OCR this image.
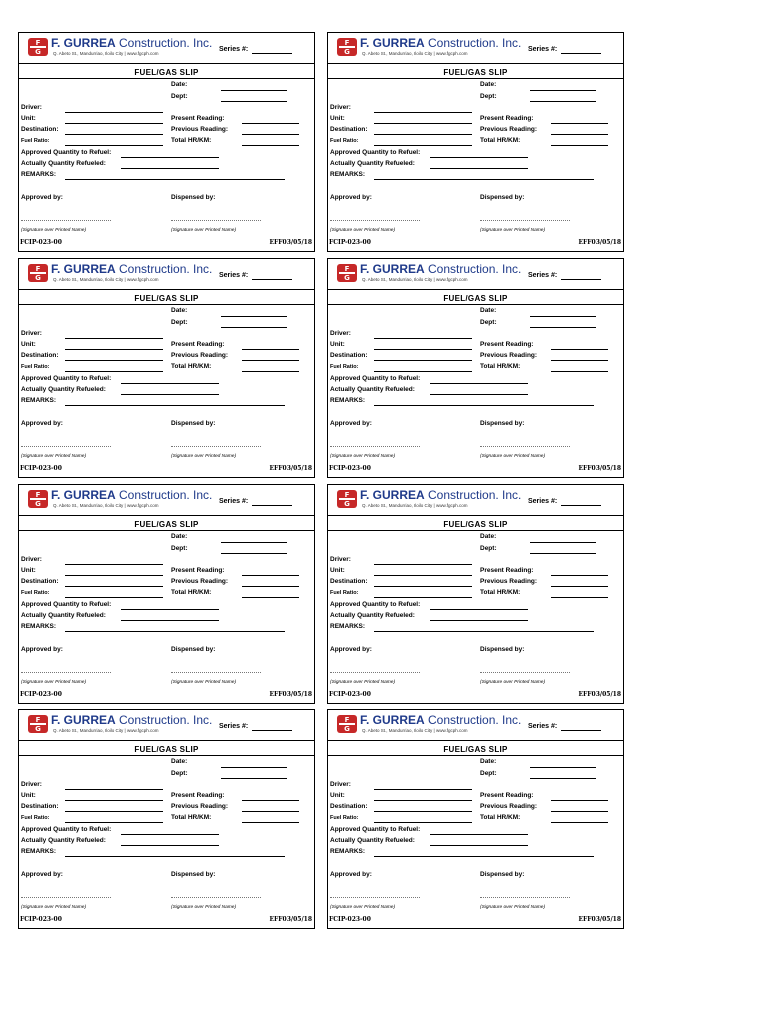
F
G
F. GURREA Construction. Inc.
Q. Abeto St., Mandurriao, Iloilo City | www.fgcph.com
Series #:
FUEL/GAS SLIP
Date:
Dept:
Driver:
Unit:	Present Reading:
Destination:	Previous Reading:
Fuel Ratio:	Total HR/KM:
Approved Quantity to Refuel:
Actually Quantity Refueled:
REMARKS:
Approved by:	Dispensed by:
(Signature over Printed Name)	(Signature over Printed Name)
FCIP-023-00	EFF03/05/18
F
G
F. GURREA Construction. Inc.
Q. Abeto St., Mandurriao, Iloilo City | www.fgcph.com
Series #:
FUEL/GAS SLIP
Date:
Dept:
Driver:
Unit:	Present Reading:
Destination:	Previous Reading:
Fuel Ratio:	Total HR/KM:
Approved Quantity to Refuel:
Actually Quantity Refueled:
REMARKS:
Approved by:	Dispensed by:
(Signature over Printed Name)	(Signature over Printed Name)
FCIP-023-00	EFF03/05/18
F
G
F. GURREA Construction. Inc.
Q. Abeto St., Mandurriao, Iloilo City | www.fgcph.com
Series #:
FUEL/GAS SLIP
Date:
Dept:
Driver:
Unit:	Present Reading:
Destination:	Previous Reading:
Fuel Ratio:	Total HR/KM:
Approved Quantity to Refuel:
Actually Quantity Refueled:
REMARKS:
Approved by:	Dispensed by:
(Signature over Printed Name)	(Signature over Printed Name)
FCIP-023-00	EFF03/05/18
F
G
F. GURREA Construction. Inc.
Q. Abeto St., Mandurriao, Iloilo City | www.fgcph.com
Series #:
FUEL/GAS SLIP
Date:
Dept:
Driver:
Unit:	Present Reading:
Destination:	Previous Reading:
Fuel Ratio:	Total HR/KM:
Approved Quantity to Refuel:
Actually Quantity Refueled:
REMARKS:
Approved by:	Dispensed by:
(Signature over Printed Name)	(Signature over Printed Name)
FCIP-023-00	EFF03/05/18
F
G
F. GURREA Construction. Inc.
Q. Abeto St., Mandurriao, Iloilo City | www.fgcph.com
Series #:
FUEL/GAS SLIP
Date:
Dept:
Driver:
Unit:	Present Reading:
Destination:	Previous Reading:
Fuel Ratio:	Total HR/KM:
Approved Quantity to Refuel:
Actually Quantity Refueled:
REMARKS:
Approved by:	Dispensed by:
(Signature over Printed Name)	(Signature over Printed Name)
FCIP-023-00	EFF03/05/18
F
G
F. GURREA Construction. Inc.
Q. Abeto St., Mandurriao, Iloilo City | www.fgcph.com
Series #:
FUEL/GAS SLIP
Date:
Dept:
Driver:
Unit:	Present Reading:
Destination:	Previous Reading:
Fuel Ratio:	Total HR/KM:
Approved Quantity to Refuel:
Actually Quantity Refueled:
REMARKS:
Approved by:	Dispensed by:
(Signature over Printed Name)	(Signature over Printed Name)
FCIP-023-00	EFF03/05/18
F
G
F. GURREA Construction. Inc.
Q. Abeto St., Mandurriao, Iloilo City | www.fgcph.com
Series #:
FUEL/GAS SLIP
Date:
Dept:
Driver:
Unit:	Present Reading:
Destination:	Previous Reading:
Fuel Ratio:	Total HR/KM:
Approved Quantity to Refuel:
Actually Quantity Refueled:
REMARKS:
Approved by:	Dispensed by:
(Signature over Printed Name)	(Signature over Printed Name)
FCIP-023-00	EFF03/05/18
F
G
F. GURREA Construction. Inc.
Q. Abeto St., Mandurriao, Iloilo City | www.fgcph.com
Series #:
FUEL/GAS SLIP
Date:
Dept:
Driver:
Unit:	Present Reading:
Destination:	Previous Reading:
Fuel Ratio:	Total HR/KM:
Approved Quantity to Refuel:
Actually Quantity Refueled:
REMARKS:
Approved by:	Dispensed by:
(Signature over Printed Name)	(Signature over Printed Name)
FCIP-023-00	EFF03/05/18
